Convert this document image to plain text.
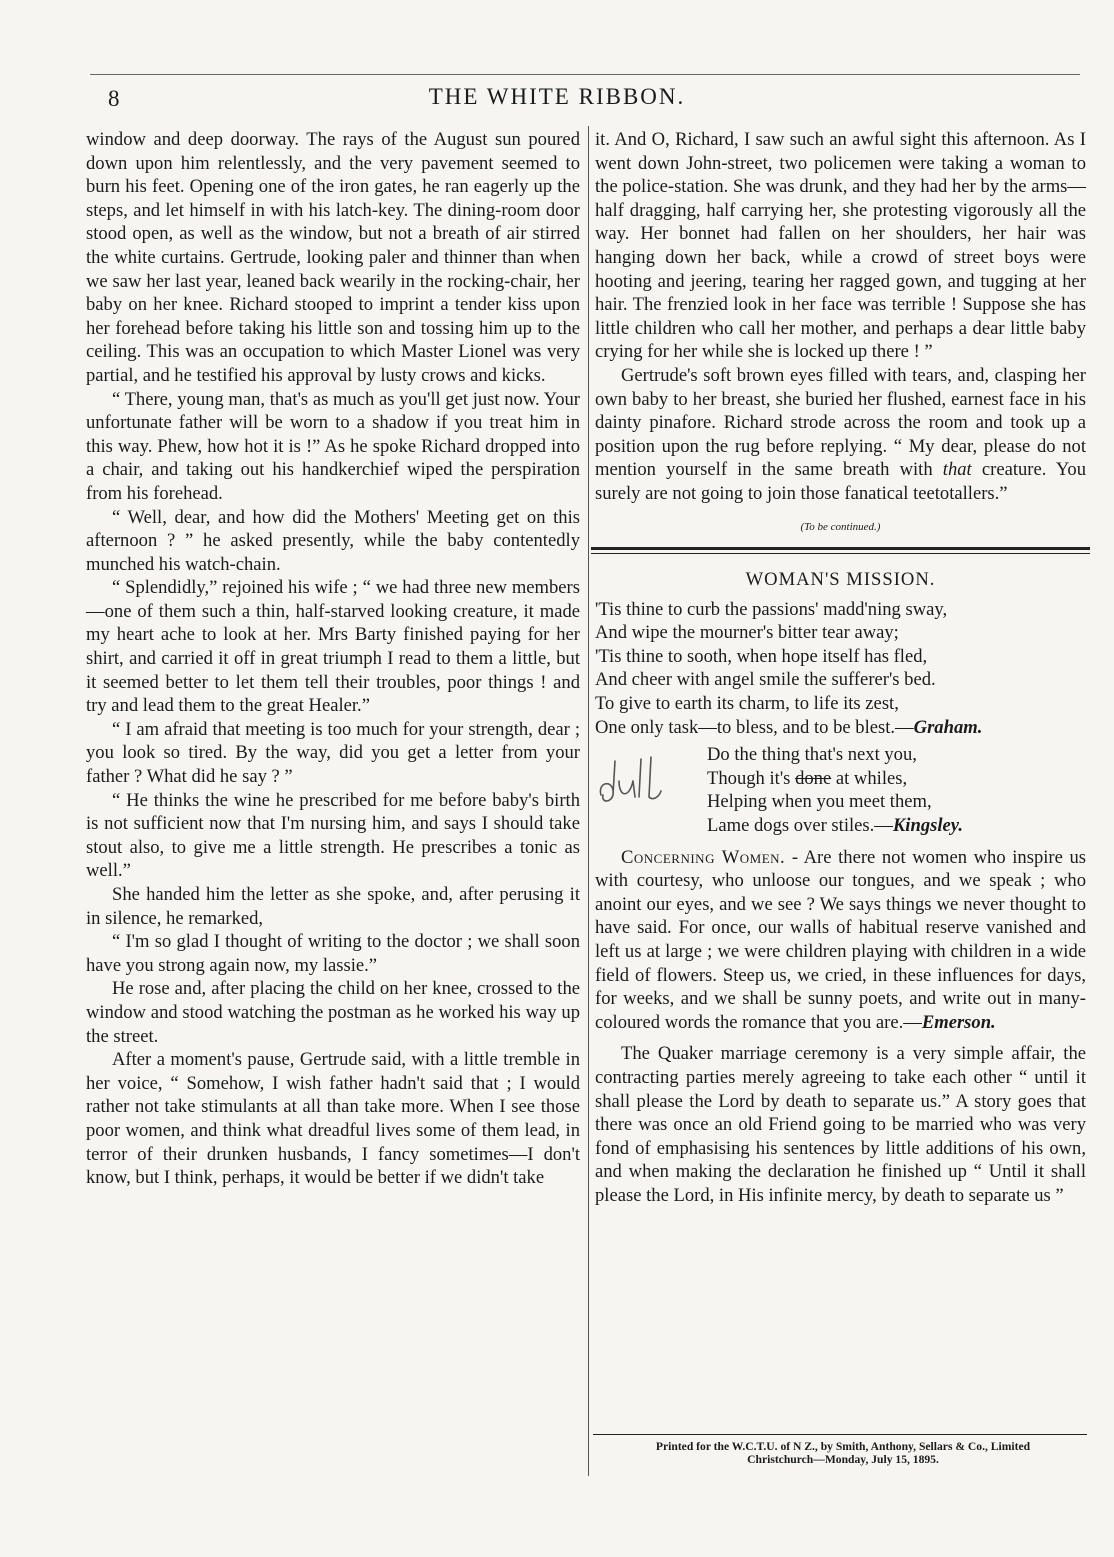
8	THE WHITE RIBBON.

window and deep doorway. The rays of the August sun poured down upon him relentlessly, and the very pavement seemed to burn his feet. Opening one of the iron gates, he ran eagerly up the steps, and let himself in with his latch-key. The dining-room door stood open, as well as the window, but not a breath of air stirred the white curtains. Gertrude, looking paler and thinner than when we saw her last year, leaned back wearily in the rocking-chair, her baby on her knee. Richard stooped to imprint a tender kiss upon her forehead before taking his little son and tossing him up to the ceiling. This was an occupation to which Master Lionel was very partial, and he testified his approval by lusty crows and kicks.

“ There, young man, that's as much as you'll get just now. Your unfortunate father will be worn to a shadow if you treat him in this way. Phew, how hot it is !” As he spoke Richard dropped into a chair, and taking out his handkerchief wiped the perspiration from his forehead.

“ Well, dear, and how did the Mothers' Meeting get on this afternoon ? ” he asked presently, while the baby contentedly munched his watch-chain.

“ Splendidly,” rejoined his wife ; “ we had three new members—one of them such a thin, half-starved looking creature, it made my heart ache to look at her. Mrs Barty finished paying for her shirt, and carried it off in great triumph I read to them a little, but it seemed better to let them tell their troubles, poor things ! and try and lead them to the great Healer.”

“ I am afraid that meeting is too much for your strength, dear ; you look so tired. By the way, did you get a letter from your father ? What did he say ? ”

“ He thinks the wine he prescribed for me before baby's birth is not sufficient now that I'm nursing him, and says I should take stout also, to give me a little strength. He prescribes a tonic as well.”

She handed him the letter as she spoke, and, after perusing it in silence, he remarked,

“ I'm so glad I thought of writing to the doctor ; we shall soon have you strong again now, my lassie.”

He rose and, after placing the child on her knee, crossed to the window and stood watching the postman as he worked his way up the street.

After a moment's pause, Gertrude said, with a little tremble in her voice, “ Somehow, I wish father hadn't said that ; I would rather not take stimulants at all than take more. When I see those poor women, and think what dreadful lives some of them lead, in terror of their drunken husbands, I fancy sometimes—I don't know, but I think, perhaps, it would be better if we didn't take

it. And O, Richard, I saw such an awful sight this afternoon. As I went down John-street, two policemen were taking a woman to the police-station. She was drunk, and they had her by the arms—half dragging, half carrying her, she protesting vigorously all the way. Her bonnet had fallen on her shoulders, her hair was hanging down her back, while a crowd of street boys were hooting and jeering, tearing her ragged gown, and tugging at her hair. The frenzied look in her face was terrible ! Suppose she has little children who call her mother, and perhaps a dear little baby crying for her while she is locked up there ! ”

Gertrude's soft brown eyes filled with tears, and, clasping her own baby to her breast, she buried her flushed, earnest face in his dainty pinafore. Richard strode across the room and took up a position upon the rug before replying. “ My dear, please do not mention yourself in the same breath with that creature. You surely are not going to join those fanatical teetotallers.”

(To be continued.)
WOMAN'S MISSION.
'Tis thine to curb the passions' madd'ning sway,
And wipe the mourner's bitter tear away;
'Tis thine to sooth, when hope itself has fled,
And cheer with angel smile the sufferer's bed.
To give to earth its charm, to life its zest,
One only task—to bless, and to be blest.—Graham.
Do the thing that's next you,
Though it's done at whiles,
Helping when you meet them,
Lame dogs over stiles.—Kingsley.

Concerning Women. - Are there not women who inspire us with courtesy, who unloose our tongues, and we speak ; who anoint our eyes, and we see ? We says things we never thought to have said. For once, our walls of habitual reserve vanished and left us at large ; we were children playing with children in a wide field of flowers. Steep us, we cried, in these influences for days, for weeks, and we shall be sunny poets, and write out in many-coloured words the romance that you are.—Emerson.

The Quaker marriage ceremony is a very simple affair, the contracting parties merely agreeing to take each other “ until it shall please the Lord by death to separate us.” A story goes that there was once an old Friend going to be married who was very fond of emphasising his sentences by little additions of his own, and when making the declaration he finished up “ Until it shall please the Lord, in His infinite mercy, by death to separate us ”

Printed for the W.C.T.U. of N Z., by Smith, Anthony, Sellars & Co., Limited
Christchurch—Monday, July 15, 1895.
